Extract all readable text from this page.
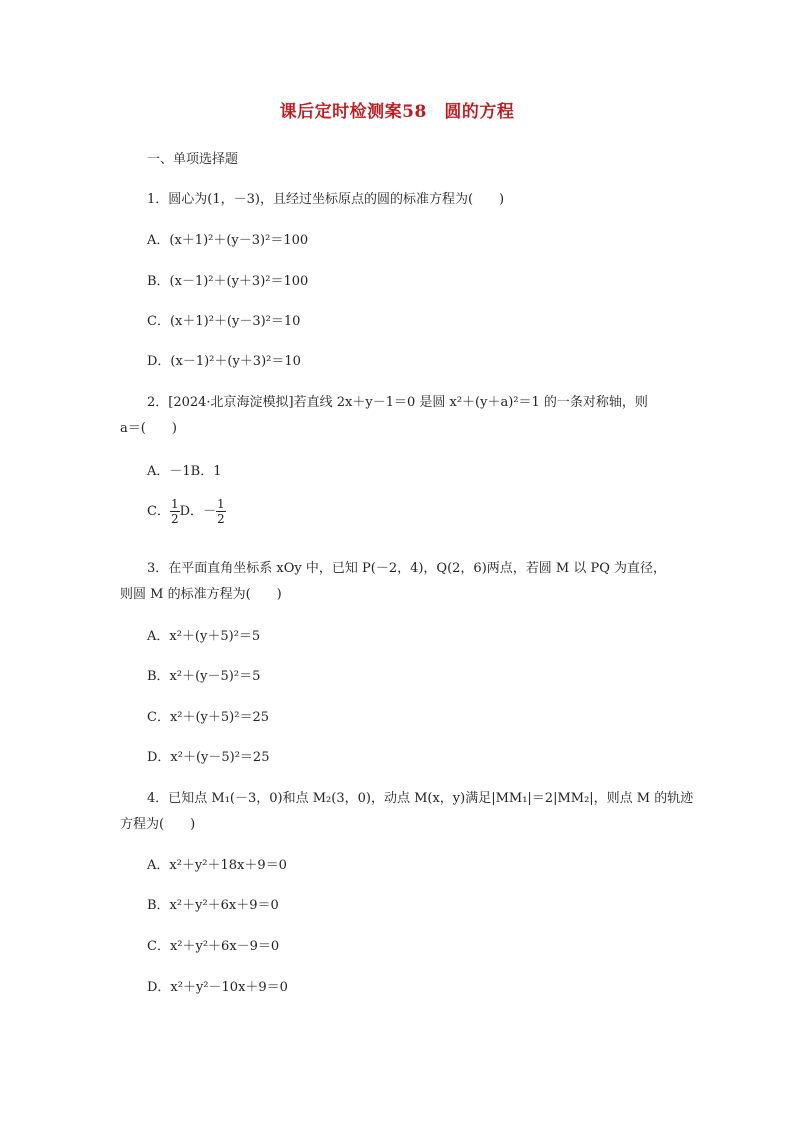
课后定时检测案58　圆的方程
一、单项选择题
1．圆心为(1，－3)，且经过坐标原点的圆的标准方程为(　　)
A．(x＋1)²＋(y－3)²＝100
B．(x－1)²＋(y＋3)²＝100
C．(x＋1)²＋(y－3)²＝10
D．(x－1)²＋(y＋3)²＝10
2．[2024·北京海淀模拟]若直线 2x＋y－1＝0 是圆 x²＋(y＋a)²＝1 的一条对称轴，则
a＝(　　)
A．－1B．1
C． $\frac{1}{2}$ D．－ $\frac{1}{2}$
3．在平面直角坐标系 xOy 中，已知 P(－2，4)，Q(2，6)两点，若圆 M 以 PQ 为直径，
则圆 M 的标准方程为(　　)
A．x²＋(y＋5)²＝5
B．x²＋(y－5)²＝5
C．x²＋(y＋5)²＝25
D．x²＋(y－5)²＝25
4．已知点 M₁(－3，0)和点 M₂(3，0)，动点 M(x，y)满足|MM₁|＝2|MM₂|，则点 M 的轨迹
方程为(　　)
A．x²＋y²＋18x＋9＝0
B．x²＋y²＋6x＋9＝0
C．x²＋y²＋6x－9＝0
D．x²＋y²－10x＋9＝0
